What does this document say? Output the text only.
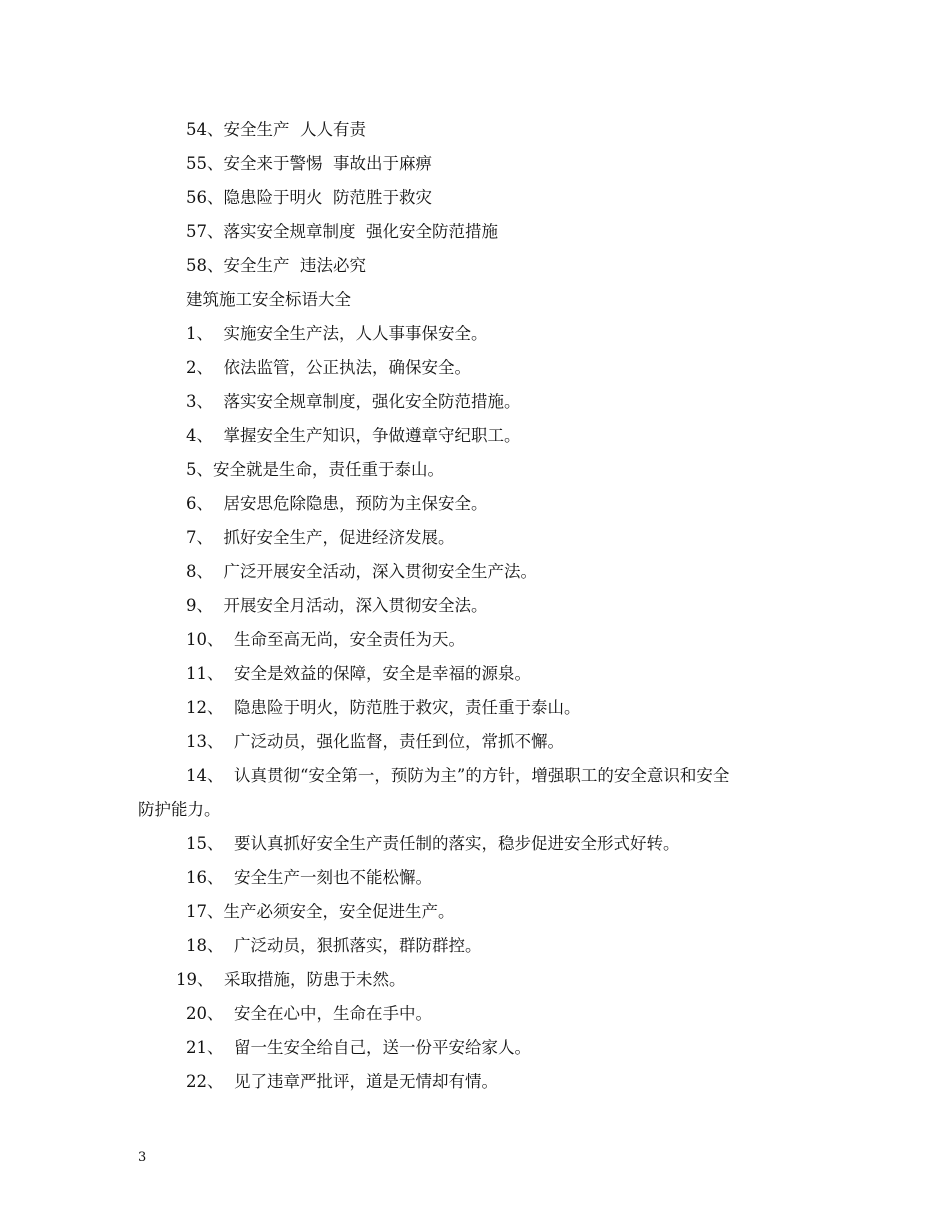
54、安全生产  人人有责
55、安全来于警惕  事故出于麻痹
56、隐患险于明火  防范胜于救灾
57、落实安全规章制度  强化安全防范措施
58、安全生产  违法必究
建筑施工安全标语大全
1、  实施安全生产法，人人事事保安全。
2、  依法监管，公正执法，确保安全。
3、  落实安全规章制度，强化安全防范措施。
4、  掌握安全生产知识，争做遵章守纪职工。
5、安全就是生命，责任重于泰山。
6、  居安思危除隐患，预防为主保安全。
7、  抓好安全生产，促进经济发展。
8、  广泛开展安全活动，深入贯彻安全生产法。
9、  开展安全月活动，深入贯彻安全法。
10、  生命至高无尚，安全责任为天。
11、  安全是效益的保障，安全是幸福的源泉。
12、  隐患险于明火，防范胜于救灾，责任重于泰山。
13、  广泛动员，强化监督，责任到位，常抓不懈。
14、  认真贯彻“安全第一，预防为主”的方针，增强职工的安全意识和安全
防护能力。
15、  要认真抓好安全生产责任制的落实，稳步促进安全形式好转。
16、  安全生产一刻也不能松懈。
17、生产必须安全，安全促进生产。
18、  广泛动员，狠抓落实，群防群控。
19、  采取措施，防患于未然。
20、  安全在心中，生命在手中。
21、  留一生安全给自己，送一份平安给家人。
22、  见了违章严批评，道是无情却有情。
3
